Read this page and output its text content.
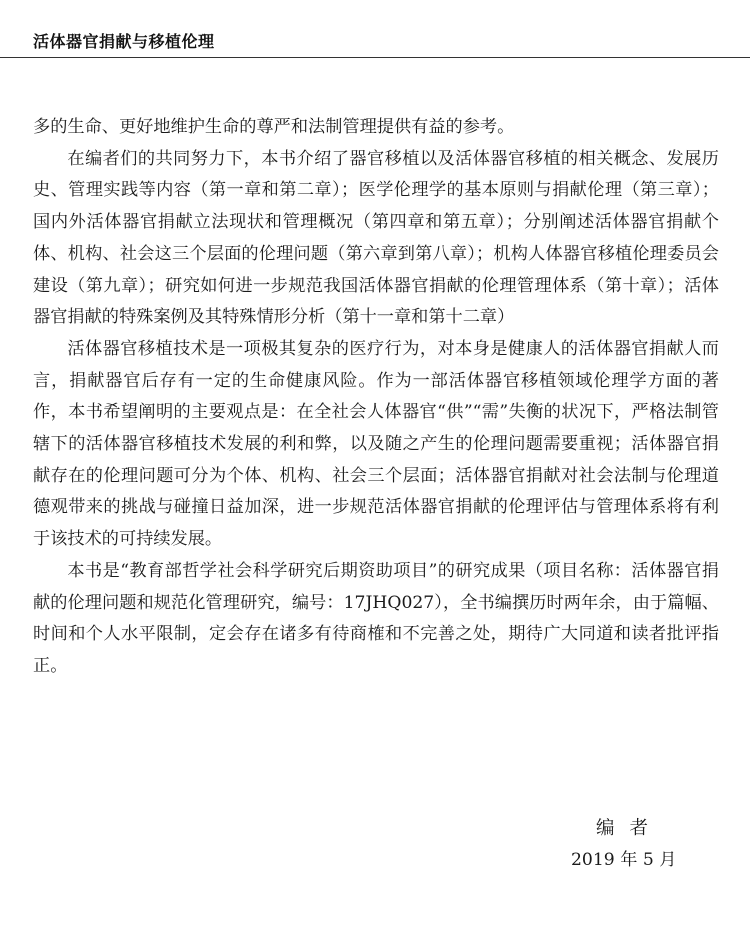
活体器官捐献与移植伦理

多的生命、更好地维护生命的尊严和法制管理提供有益的参考。

在编者们的共同努力下，本书介绍了器官移植以及活体器官移植的相关概念、发展历史、管理实践等内容（第一章和第二章）；医学伦理学的基本原则与捐献伦理（第三章）；国内外活体器官捐献立法现状和管理概况（第四章和第五章）；分别阐述活体器官捐献个体、机构、社会这三个层面的伦理问题（第六章到第八章）；机构人体器官移植伦理委员会建设（第九章）；研究如何进一步规范我国活体器官捐献的伦理管理体系（第十章）；活体器官捐献的特殊案例及其特殊情形分析（第十一章和第十二章）

活体器官移植技术是一项极其复杂的医疗行为，对本身是健康人的活体器官捐献人而言，捐献器官后存有一定的生命健康风险。作为一部活体器官移植领域伦理学方面的著作，本书希望阐明的主要观点是：在全社会人体器官“供”“需”失衡的状况下，严格法制管辖下的活体器官移植技术发展的利和弊，以及随之产生的伦理问题需要重视；活体器官捐献存在的伦理问题可分为个体、机构、社会三个层面；活体器官捐献对社会法制与伦理道德观带来的挑战与碰撞日益加深，进一步规范活体器官捐献的伦理评估与管理体系将有利于该技术的可持续发展。

本书是“教育部哲学社会科学研究后期资助项目”的研究成果（项目名称：活体器官捐献的伦理问题和规范化管理研究，编号：17JHQ027），全书编撰历时两年余，由于篇幅、时间和个人水平限制，定会存在诸多有待商榷和不完善之处，期待广大同道和读者批评指正。

编者
2019 年 5 月
